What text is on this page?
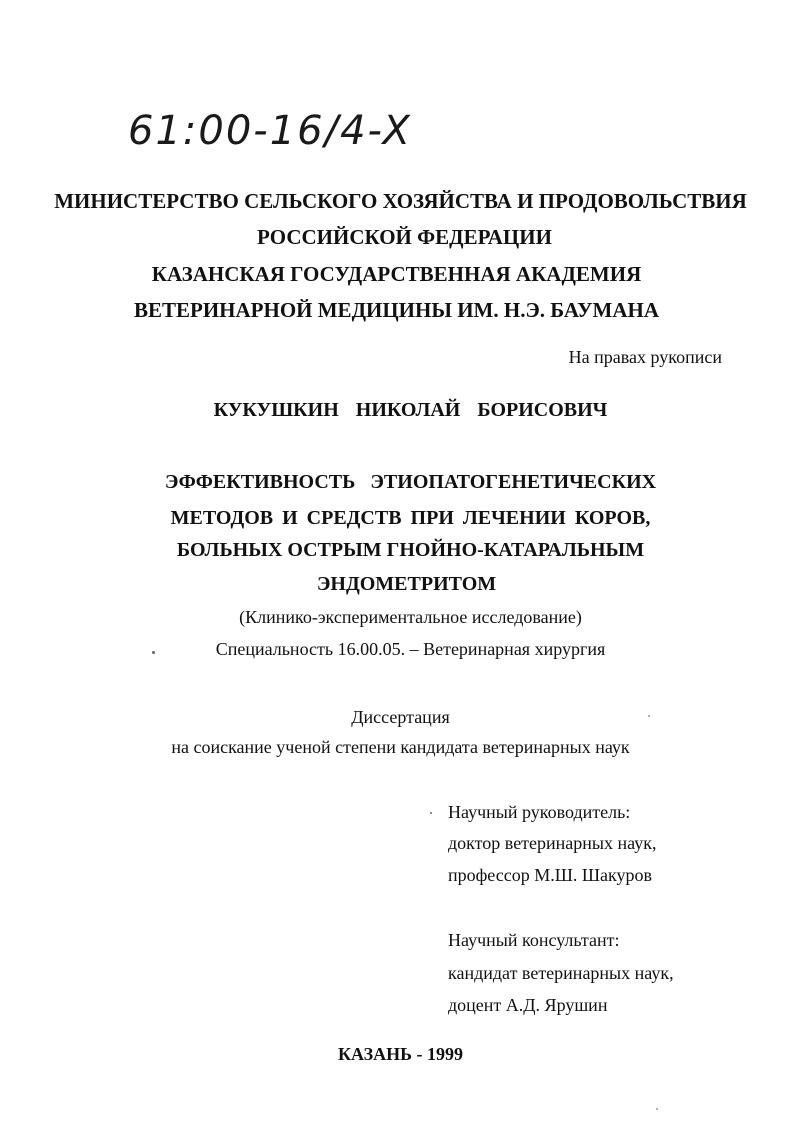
61:00-16/4-X
МИНИСТЕРСТВО СЕЛЬСКОГО ХОЗЯЙСТВА И ПРОДОВОЛЬСТВИЯ
РОССИЙСКОЙ ФЕДЕРАЦИИ
КАЗАНСКАЯ ГОСУДАРСТВЕННАЯ АКАДЕМИЯ
ВЕТЕРИНАРНОЙ МЕДИЦИНЫ ИМ. Н.Э. БАУМАНА
На правах рукописи
КУКУШКИН НИКОЛАЙ БОРИСОВИЧ
ЭФФЕКТИВНОСТЬ ЭТИОПАТОГЕНЕТИЧЕСКИХ
МЕТОДОВ И СРЕДСТВ ПРИ ЛЕЧЕНИИ КОРОВ,
БОЛЬНЫХ ОСТРЫМ ГНОЙНО-КАТАРАЛЬНЫМ
ЭНДОМЕТРИТОМ
(Клинико-экспериментальное исследование)
Специальность 16.00.05. – Ветеринарная хирургия
Диссертация
на соискание ученой степени кандидата ветеринарных наук
Научный руководитель:
доктор ветеринарных наук,
профессор М.Ш. Шакуров
Научный консультант:
кандидат ветеринарных наук,
доцент А.Д. Ярушин
КАЗАНЬ - 1999
